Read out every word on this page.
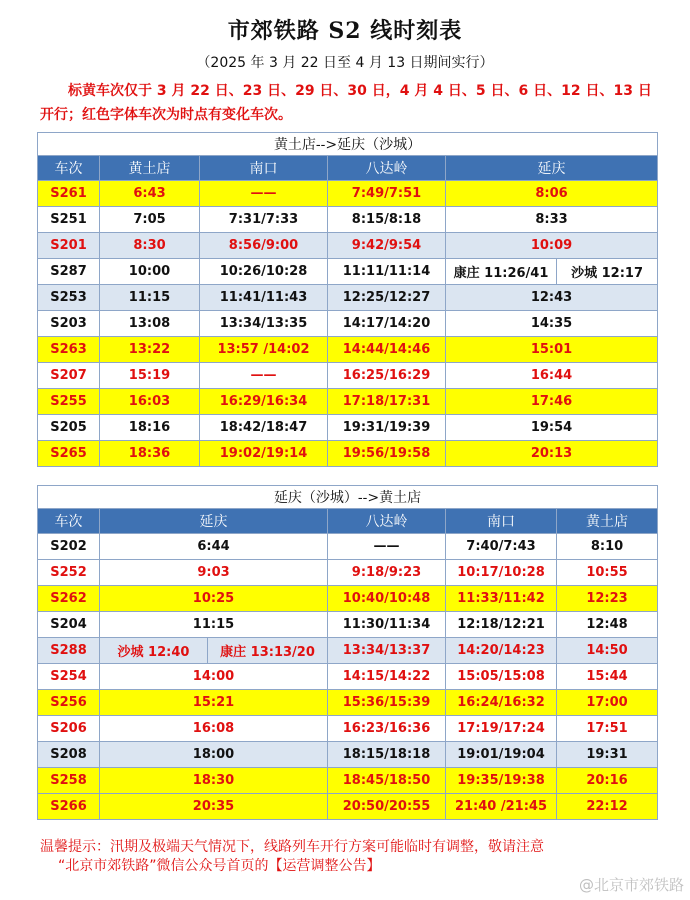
市郊铁路 S2 线时刻表
（2025 年 3 月 22 日至 4 月 13 日期间实行）
标黄车次仅于 3 月 22 日、23 日、29 日、30 日，4 月 4 日、5 日、6 日、12 日、13 日开行；红色字体车次为时点有变化车次。
黄土店-->延庆（沙城）					
车次	黄土店	南口	八达岭	延庆	
S261	6:43	——	7:49/7:51	8:06	
S251	7:05	7:31/7:33	8:15/8:18	8:33	
S201	8:30	8:56/9:00	9:42/9:54	10:09	
S287	10:00	10:26/10:28	11:11/11:14	康庄 11:26/41	沙城 12:17
S253	11:15	11:41/11:43	12:25/12:27	12:43	
S203	13:08	13:34/13:35	14:17/14:20	14:35	
S263	13:22	13:57 /14:02	14:44/14:46	15:01	
S207	15:19	——	16:25/16:29	16:44	
S255	16:03	16:29/16:34	17:18/17:31	17:46	
S205	18:16	18:42/18:47	19:31/19:39	19:54	
S265	18:36	19:02/19:14	19:56/19:58	20:13	
延庆（沙城）-->黄土店					
车次	延庆		八达岭	南口	黄土店
S202	6:44		——	7:40/7:43	8:10
S252	9:03		9:18/9:23	10:17/10:28	10:55
S262	10:25		10:40/10:48	11:33/11:42	12:23
S204	11:15		11:30/11:34	12:18/12:21	12:48
S288	沙城 12:40	康庄 13:13/20	13:34/13:37	14:20/14:23	14:50
S254	14:00		14:15/14:22	15:05/15:08	15:44
S256	15:21		15:36/15:39	16:24/16:32	17:00
S206	16:08		16:23/16:36	17:19/17:24	17:51
S208	18:00		18:15/18:18	19:01/19:04	19:31
S258	18:30		18:45/18:50	19:35/19:38	20:16
S266	20:35		20:50/20:55	21:40 /21:45	22:12
温馨提示：汛期及极端天气情况下，线路列车开行方案可能临时有调整，敬请注意
“北京市郊铁路”微信公众号首页的【运营调整公告】
@北京市郊铁路
